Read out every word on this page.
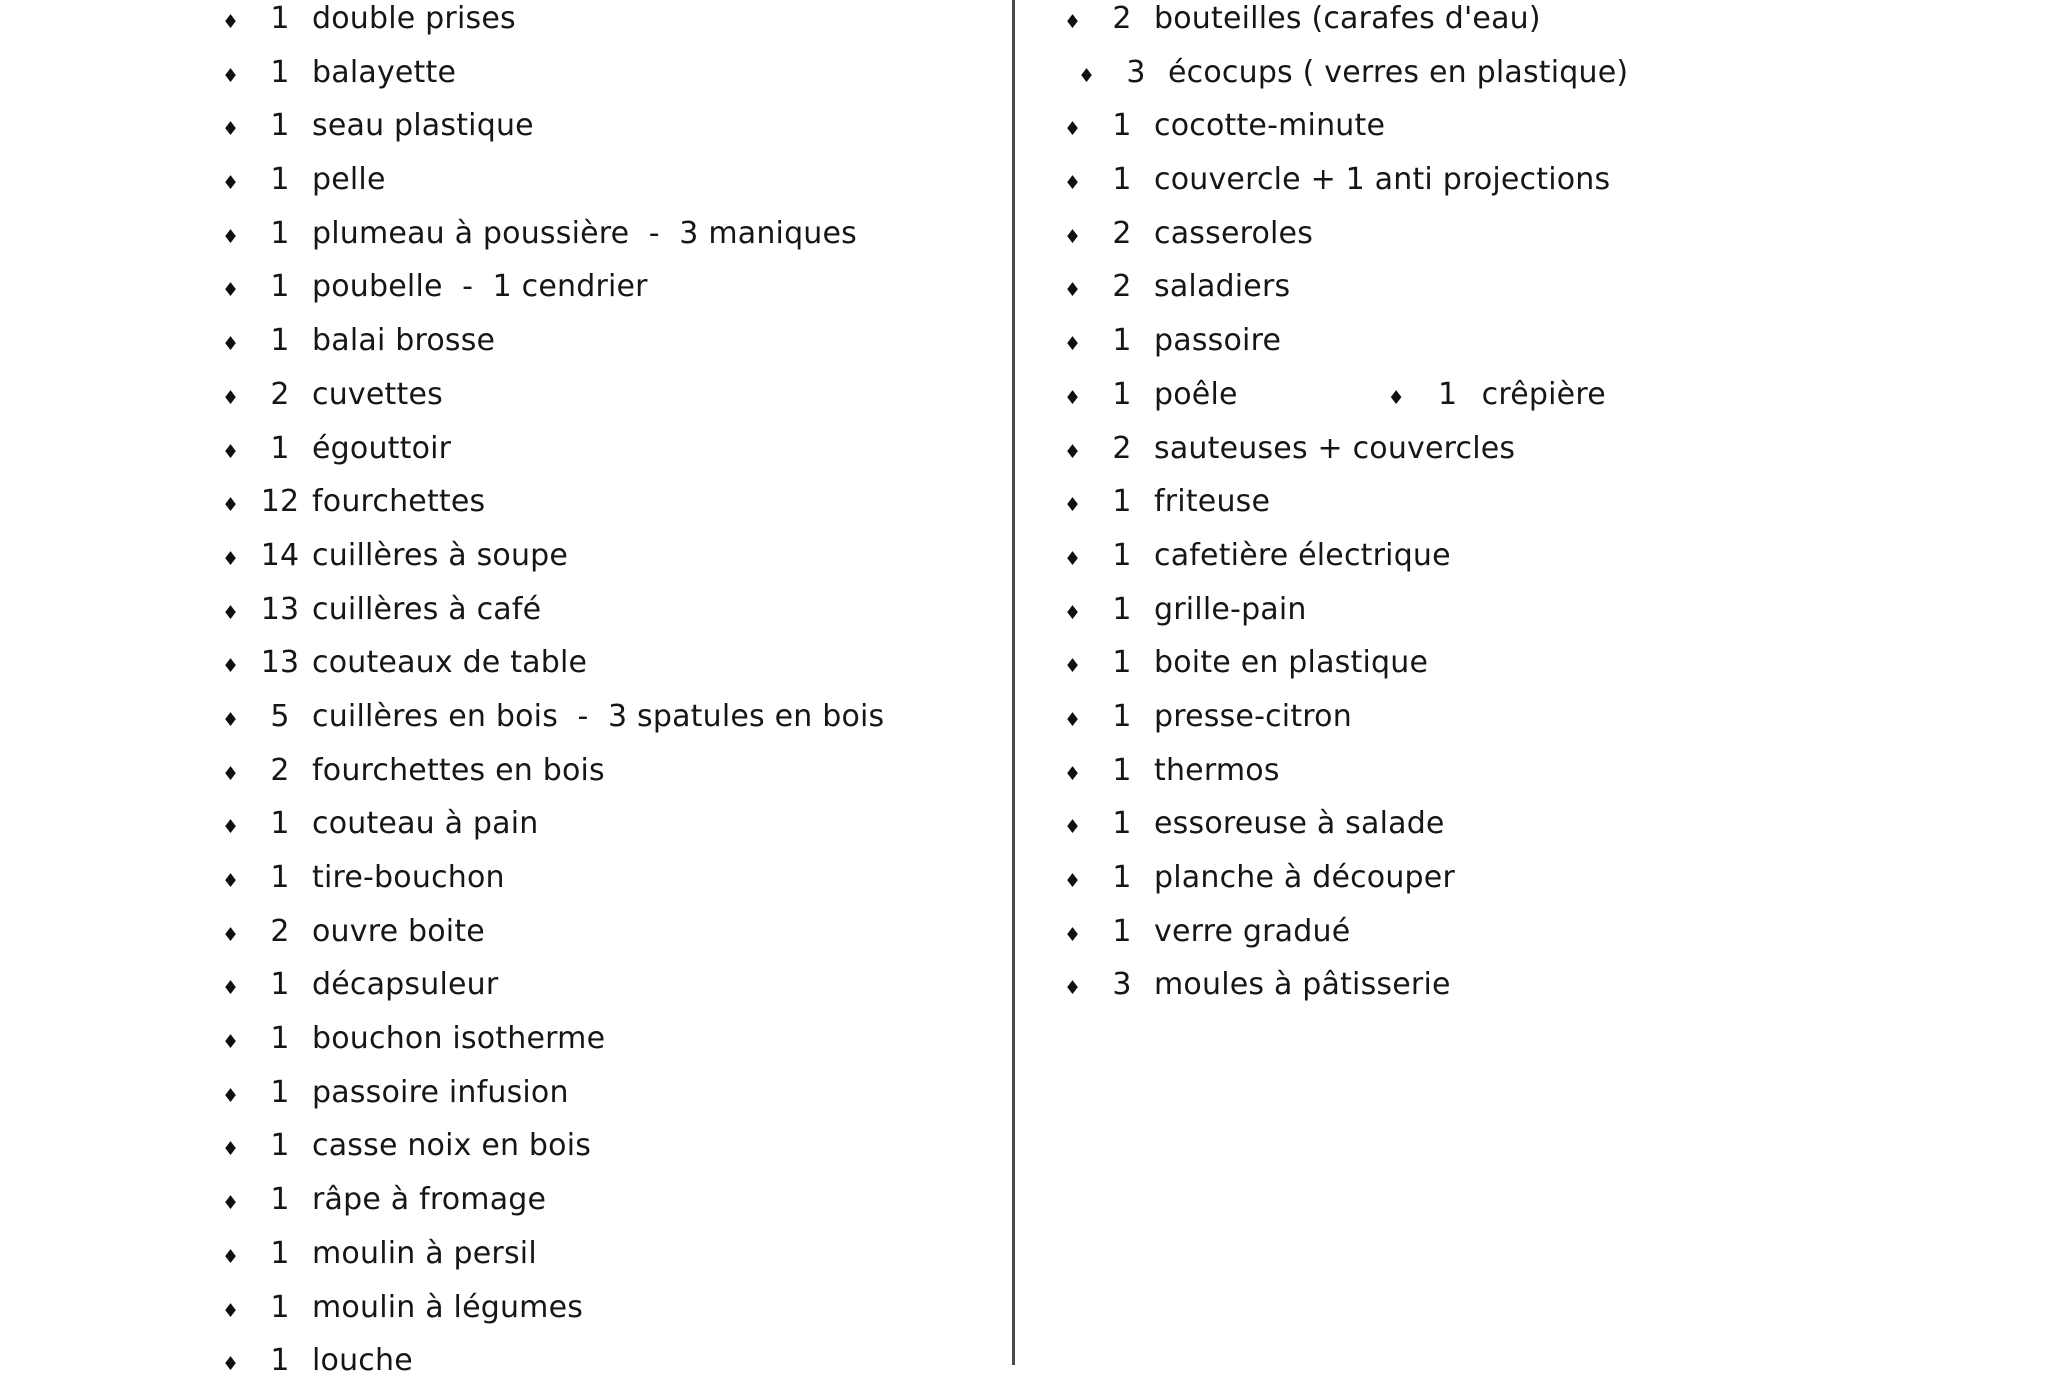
♦	1 double prises
♦	1 balayette
♦	1 seau plastique
♦	1 pelle
♦	1 plumeau à poussière  -  3 maniques
♦	1 poubelle  -  1 cendrier
♦	1 balai brosse
♦	2 cuvettes
♦	1 égouttoir
♦ 12 fourchettes
♦ 14 cuillères à soupe
♦ 13 cuillères à café
♦ 13 couteaux de table
♦	5 cuillères en bois  -  3 spatules en bois
♦	2 fourchettes en bois
♦	1 couteau à pain
♦	1 tire-bouchon
♦	2 ouvre boite
♦	1 décapsuleur
♦	1 bouchon isotherme
♦	1 passoire infusion
♦	1 casse noix en bois
♦	1 râpe à fromage
♦	1 moulin à persil
♦	1 moulin à légumes
♦	1 louche
♦	2 bouteilles (carafes d'eau)
♦	3 écocups ( verres en plastique)
♦	1 cocotte-minute
♦	1 couvercle + 1 anti projections
♦	2 casseroles
♦	2 saladiers
♦	1 passoire
♦	1 poêle	♦	1 crêpière
♦	2 sauteuses + couvercles
♦	1 friteuse
♦	1 cafetière électrique
♦	1 grille-pain
♦	1 boite en plastique
♦	1 presse-citron
♦	1 thermos
♦	1 essoreuse à salade
♦	1 planche à découper
♦	1 verre gradué
♦	3 moules à pâtisserie
